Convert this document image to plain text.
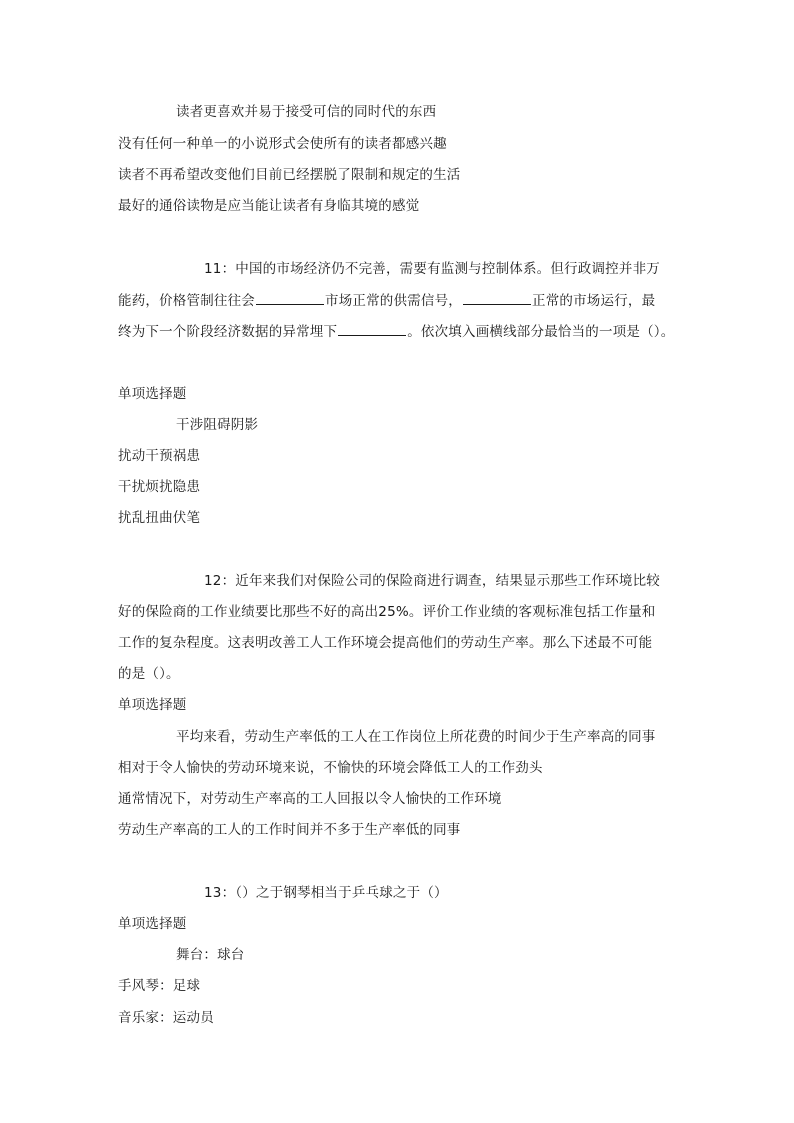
读者更喜欢并易于接受可信的同时代的东西
没有任何一种单一的小说形式会使所有的读者都感兴趣
读者不再希望改变他们目前已经摆脱了限制和规定的生活
最好的通俗读物是应当能让读者有身临其境的感觉
11：中国的市场经济仍不完善，需要有监测与控制体系。但行政调控并非万
能药，价格管制往往会	市场正常的供需信号，	正常的市场运行，最
终为下一个阶段经济数据的异常埋下	。依次填入画横线部分最恰当的一项是（）。
单项选择题
干涉阻碍阴影
扰动干预祸患
干扰烦扰隐患
扰乱扭曲伏笔
12：近年来我们对保险公司的保险商进行调查，结果显示那些工作环境比较
好的保险商的工作业绩要比那些不好的高出25%。评价工作业绩的客观标准包括工作量和
工作的复杂程度。这表明改善工人工作环境会提高他们的劳动生产率。那么下述最不可能
的是（）。
单项选择题
平均来看，劳动生产率低的工人在工作岗位上所花费的时间少于生产率高的同事
相对于令人愉快的劳动环境来说，不愉快的环境会降低工人的工作劲头
通常情况下，对劳动生产率高的工人回报以令人愉快的工作环境
劳动生产率高的工人的工作时间并不多于生产率低的同事
13：（）之于钢琴相当于乒乓球之于（）
单项选择题
舞台：球台
手风琴：足球
音乐家：运动员
